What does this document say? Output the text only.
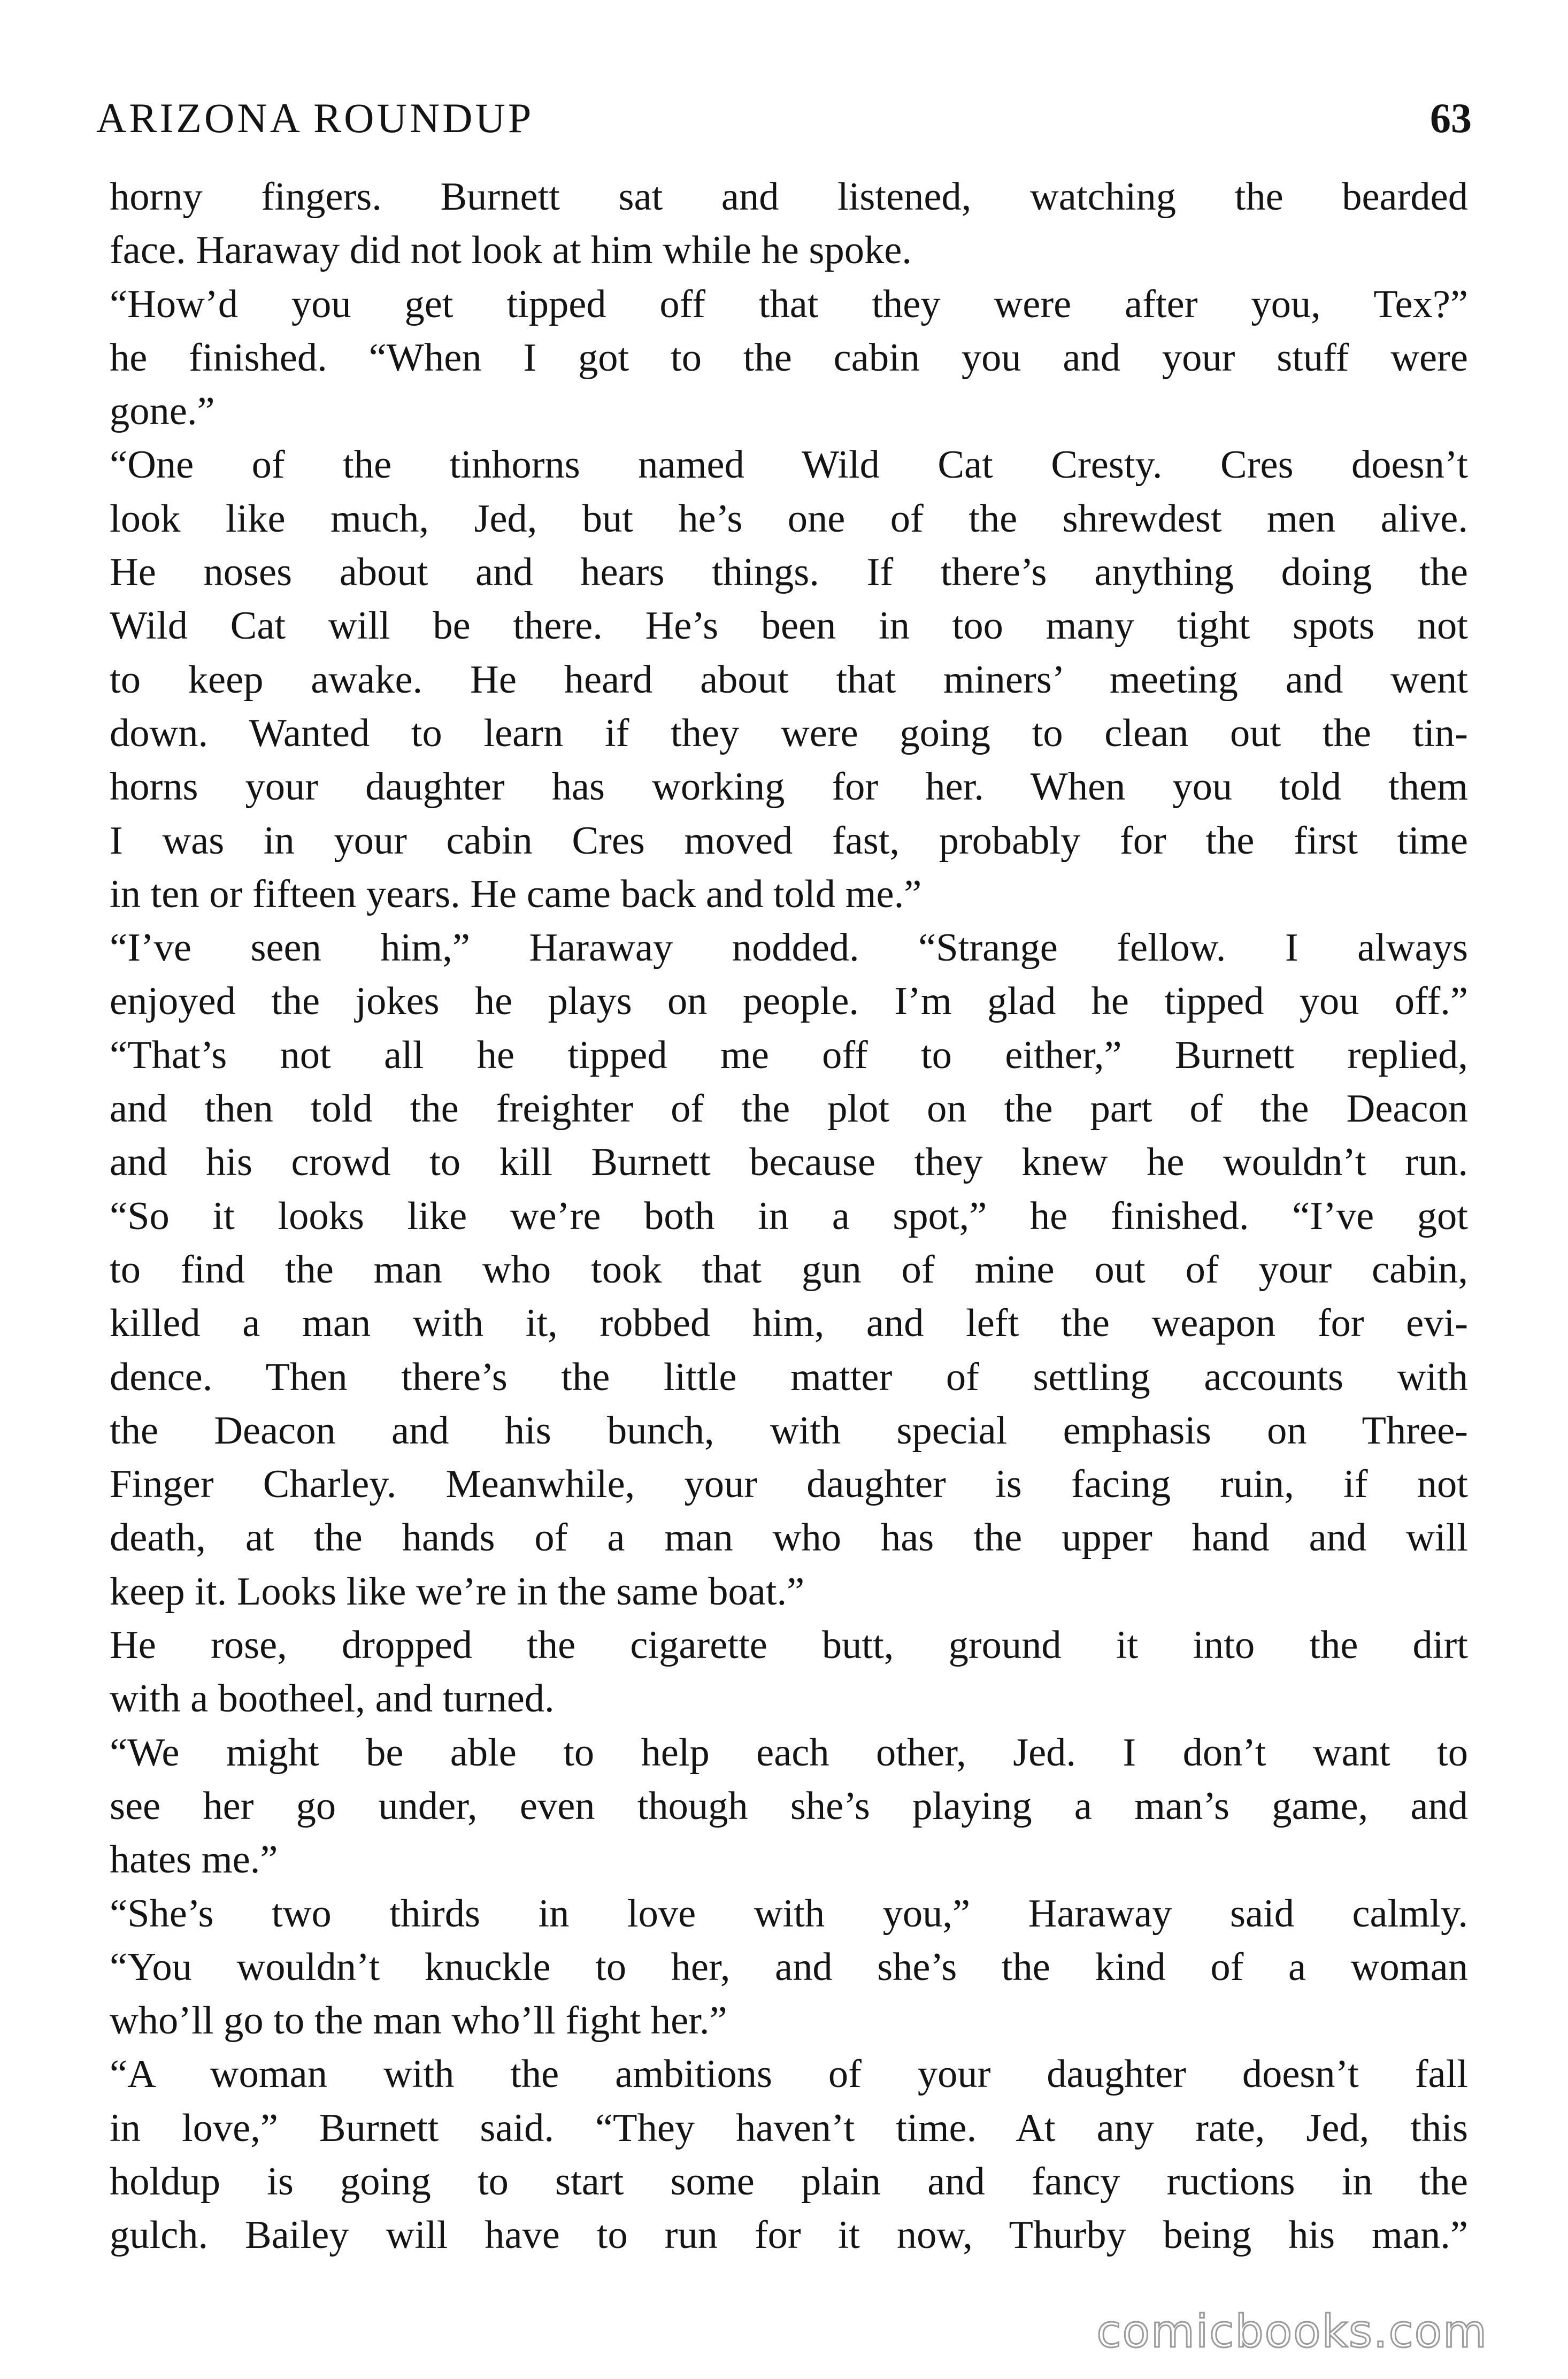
ARIZONA ROUNDUP	63
horny fingers. Burnett sat and listened, watching the bearded
face. Haraway did not look at him while he spoke.
“How’d you get tipped off that they were after you, Tex?”
he finished. “When I got to the cabin you and your stuff were
gone.”
“One of the tinhorns named Wild Cat Cresty. Cres doesn’t
look like much, Jed, but he’s one of the shrewdest men alive.
He noses about and hears things. If there’s anything doing the
Wild Cat will be there. He’s been in too many tight spots not
to keep awake. He heard about that miners’ meeting and went
down. Wanted to learn if they were going to clean out the tin-
horns your daughter has working for her. When you told them
I was in your cabin Cres moved fast, probably for the first time
in ten or fifteen years. He came back and told me.”
“I’ve seen him,” Haraway nodded. “Strange fellow. I always
enjoyed the jokes he plays on people. I’m glad he tipped you off.”
“That’s not all he tipped me off to either,” Burnett replied,
and then told the freighter of the plot on the part of the Deacon
and his crowd to kill Burnett because they knew he wouldn’t run.
“So it looks like we’re both in a spot,” he finished. “I’ve got
to find the man who took that gun of mine out of your cabin,
killed a man with it, robbed him, and left the weapon for evi-
dence. Then there’s the little matter of settling accounts with
the Deacon and his bunch, with special emphasis on Three-
Finger Charley. Meanwhile, your daughter is facing ruin, if not
death, at the hands of a man who has the upper hand and will
keep it. Looks like we’re in the same boat.”
He rose, dropped the cigarette butt, ground it into the dirt
with a bootheel, and turned.
“We might be able to help each other, Jed. I don’t want to
see her go under, even though she’s playing a man’s game, and
hates me.”
“She’s two thirds in love with you,” Haraway said calmly.
“You wouldn’t knuckle to her, and she’s the kind of a woman
who’ll go to the man who’ll fight her.”
“A woman with the ambitions of your daughter doesn’t fall
in love,” Burnett said. “They haven’t time. At any rate, Jed, this
holdup is going to start some plain and fancy ructions in the
gulch. Bailey will have to run for it now, Thurby being his man.”
comicbooks.com
